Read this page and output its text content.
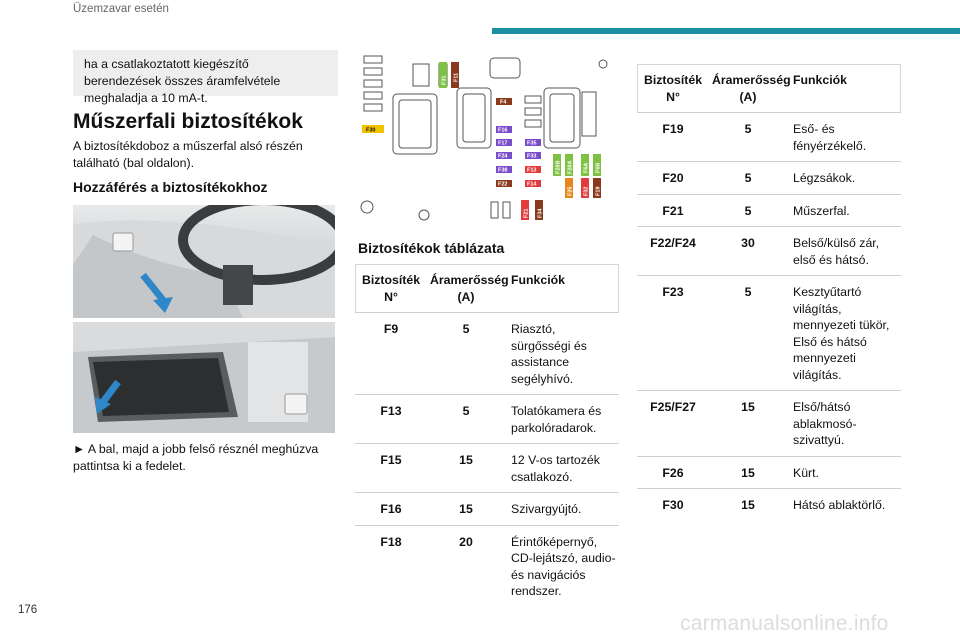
Üzemzavar esetén
ha a csatlakoztatott kiegészítő berendezések összes áramfelvétele meghaladja a 10 mA-t.
Műszerfali biztosítékok
A biztosítékdoboz a műszerfal alsó részén található (bal oldalon).
Hozzáférés a biztosítékokhoz
► A bal, majd a jobb felső résznél meghúzva pattintsa ki a fedelet.
176
F30
F31 F11
F4
F16
F17
F24
F38
F22
F35
F33
F13
F14
F21 F34
F28B F28A F6A F6B
F25 F32 F19
Biztosítékok táblázata
Biztosíték N°	Áramerősség (A)	Funkciók
F9	5	Riasztó, sürgősségi és assistance segélyhívó.
F13	5	Tolatókamera és parkolóradarok.
F15	15	12 V-os tartozék csatlakozó.
F16	15	Szivargyújtó.
F18	20	Érintőképernyő, CD-lejátszó, audio- és navigációs rendszer.
Biztosíték N°	Áramerősség (A)	Funkciók
F19	5	Eső- és fényérzékelő.
F20	5	Légzsákok.
F21	5	Műszerfal.
F22/F24	30	Belső/külső zár, első és hátsó.
F23	5	Kesztyűtartó világítás, mennyezeti tükör, Első és hátsó mennyezeti világítás.
F25/F27	15	Első/hátsó ablakmosó-szivattyú.
F26	15	Kürt.
F30	15	Hátsó ablaktörlő.
carmanualsonline.info
